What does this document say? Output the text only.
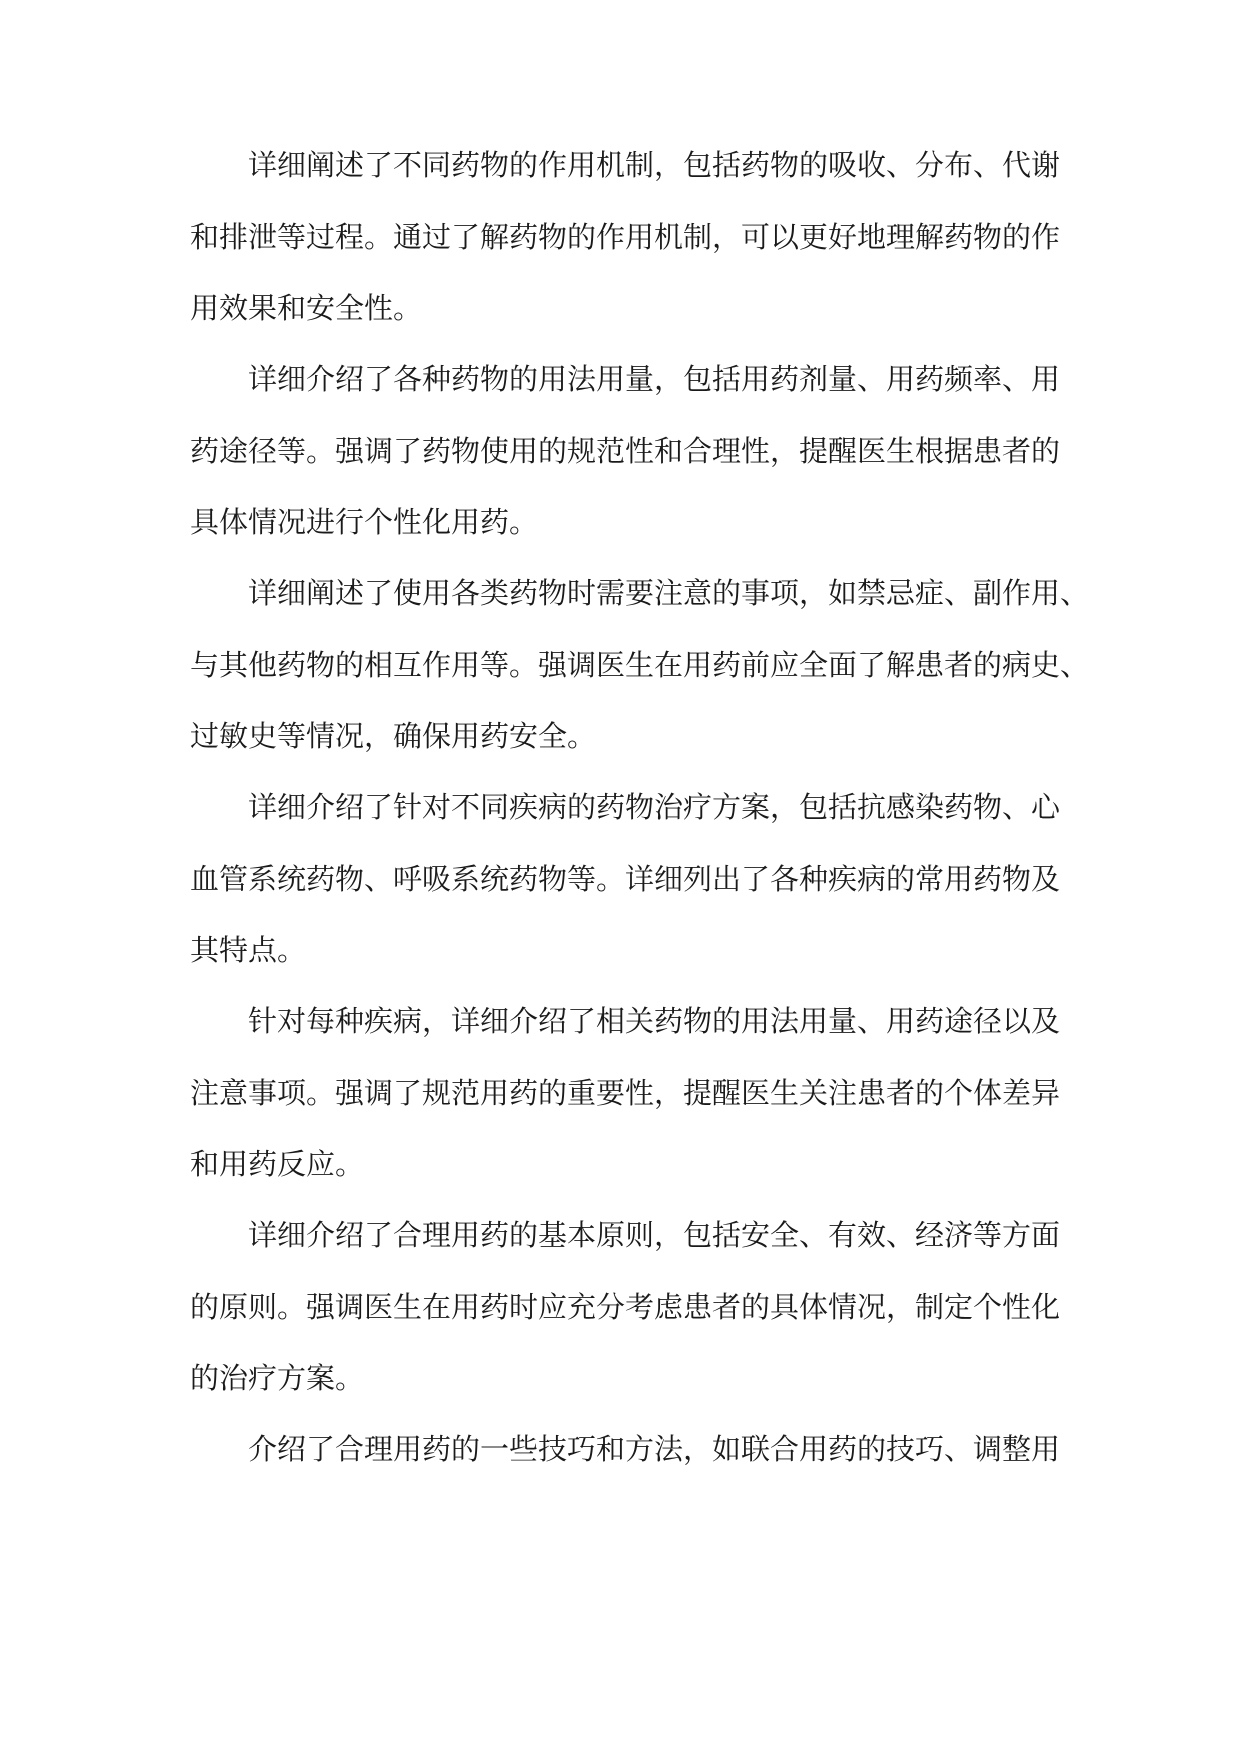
详细阐述了不同药物的作用机制，包括药物的吸收、分布、代谢
和排泄等过程。通过了解药物的作用机制，可以更好地理解药物的作
用效果和安全性。
详细介绍了各种药物的用法用量，包括用药剂量、用药频率、用
药途径等。强调了药物使用的规范性和合理性，提醒医生根据患者的
具体情况进行个性化用药。
详细阐述了使用各类药物时需要注意的事项，如禁忌症、副作用、
与其他药物的相互作用等。强调医生在用药前应全面了解患者的病史、
过敏史等情况，确保用药安全。
详细介绍了针对不同疾病的药物治疗方案，包括抗感染药物、心
血管系统药物、呼吸系统药物等。详细列出了各种疾病的常用药物及
其特点。
针对每种疾病，详细介绍了相关药物的用法用量、用药途径以及
注意事项。强调了规范用药的重要性，提醒医生关注患者的个体差异
和用药反应。
详细介绍了合理用药的基本原则，包括安全、有效、经济等方面
的原则。强调医生在用药时应充分考虑患者的具体情况，制定个性化
的治疗方案。
介绍了合理用药的一些技巧和方法，如联合用药的技巧、调整用
